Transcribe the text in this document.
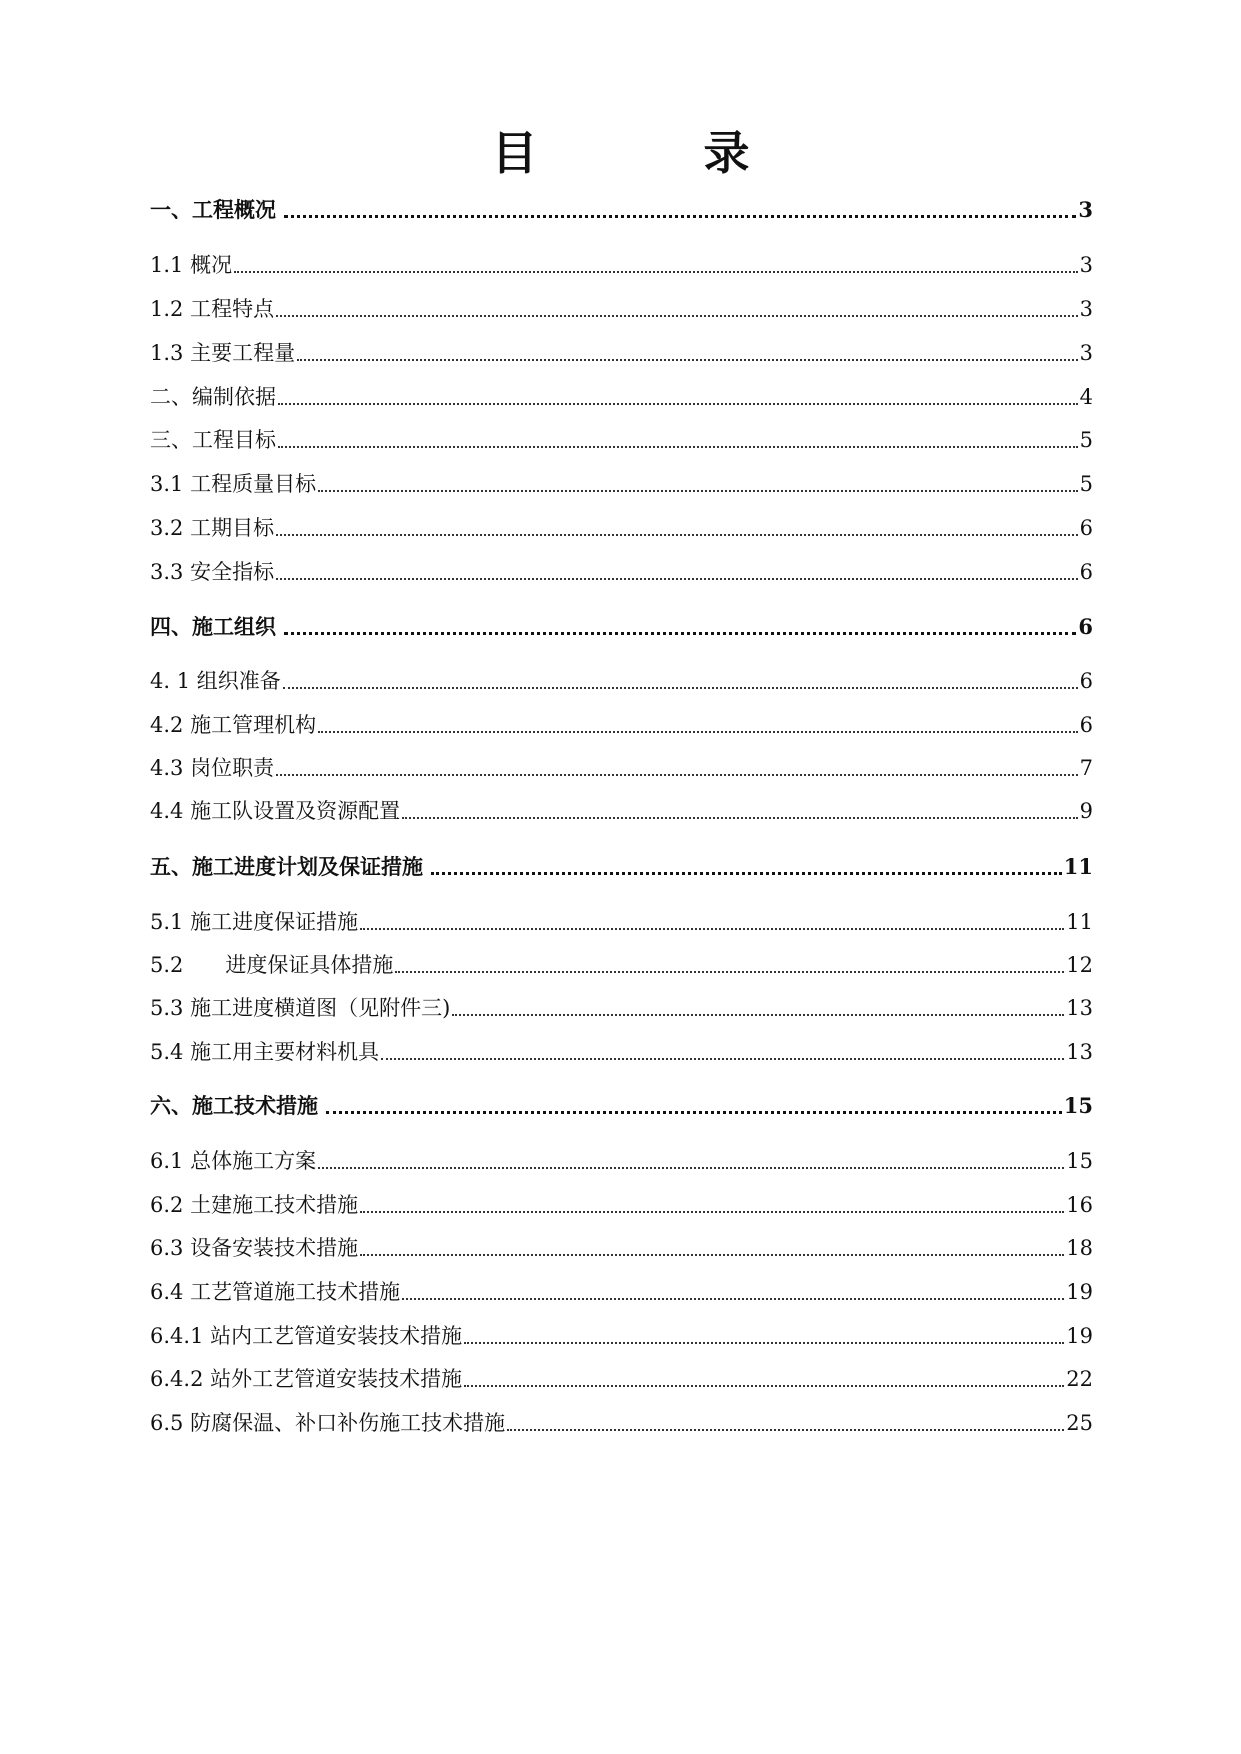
目　录
一、工程概况	3
1.1 概况	3
1.2 工程特点	3
1.3 主要工程量	3
二、编制依据	4
三、工程目标	5
3.1 工程质量目标	5
3.2 工期目标	6
3.3 安全指标	6
四、施工组织	6
4. 1 组织准备	6
4.2 施工管理机构	6
4.3 岗位职责	7
4.4 施工队设置及资源配置	9
五、施工进度计划及保证措施	11
5.1 施工进度保证措施	11
5.2　　进度保证具体措施	12
5.3 施工进度横道图（见附件三)	13
5.4 施工用主要材料机具	13
六、施工技术措施	15
6.1 总体施工方案	15
6.2 土建施工技术措施	16
6.3 设备安装技术措施	18
6.4 工艺管道施工技术措施	19
6.4.1 站内工艺管道安装技术措施	19
6.4.2 站外工艺管道安装技术措施	22
6.5 防腐保温、补口补伤施工技术措施	25
